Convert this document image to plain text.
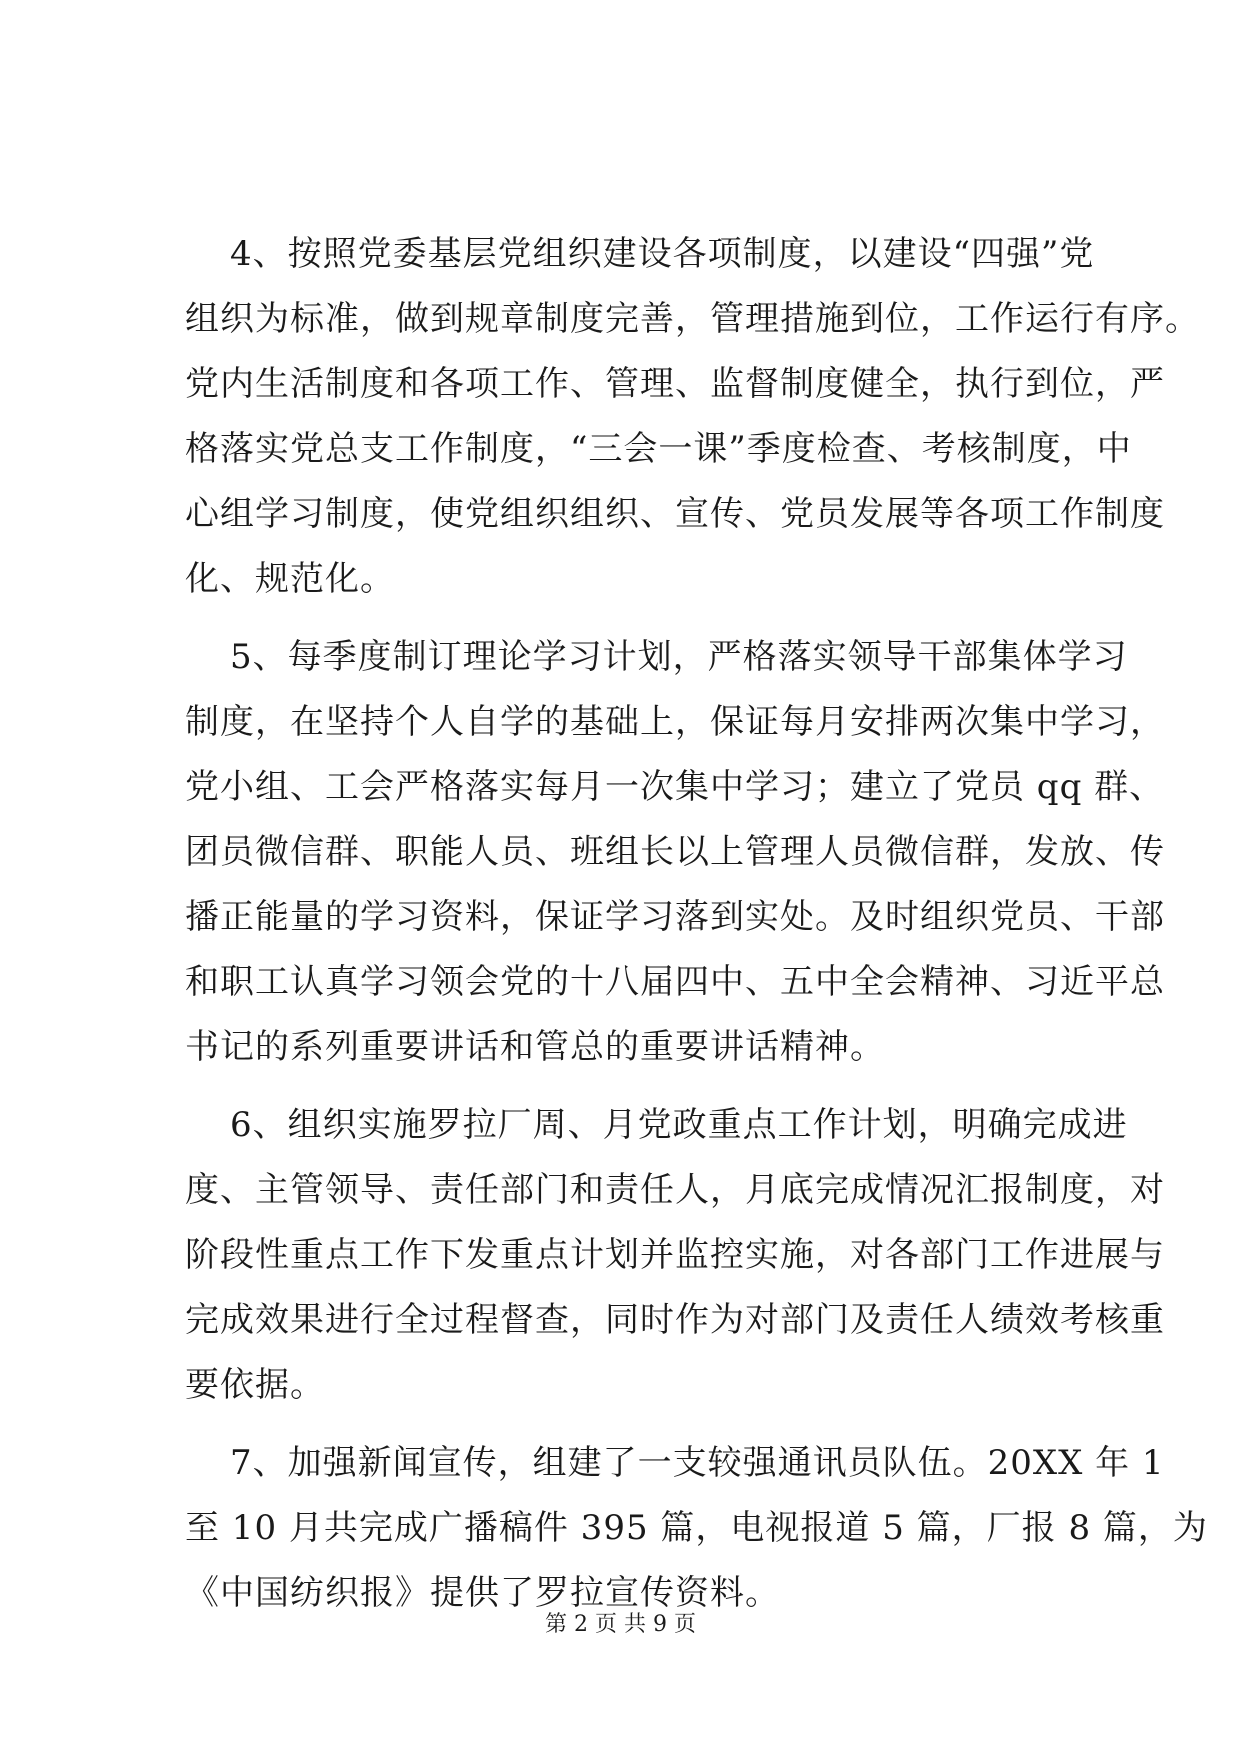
4、按照党委基层党组织建设各项制度，以建设“四强”党
组织为标准，做到规章制度完善，管理措施到位，工作运行有序。
党内生活制度和各项工作、管理、监督制度健全，执行到位，严
格落实党总支工作制度，“三会一课”季度检查、考核制度，中
心组学习制度，使党组织组织、宣传、党员发展等各项工作制度
化、规范化。
5、每季度制订理论学习计划，严格落实领导干部集体学习
制度，在坚持个人自学的基础上，保证每月安排两次集中学习，
党小组、工会严格落实每月一次集中学习；建立了党员 qq 群、
团员微信群、职能人员、班组长以上管理人员微信群，发放、传
播正能量的学习资料，保证学习落到实处。及时组织党员、干部
和职工认真学习领会党的十八届四中、五中全会精神、习近平总
书记的系列重要讲话和管总的重要讲话精神。
6、组织实施罗拉厂周、月党政重点工作计划，明确完成进
度、主管领导、责任部门和责任人，月底完成情况汇报制度，对
阶段性重点工作下发重点计划并监控实施，对各部门工作进展与
完成效果进行全过程督查，同时作为对部门及责任人绩效考核重
要依据。
7、加强新闻宣传，组建了一支较强通讯员队伍。20XX 年 1
至 10 月共完成广播稿件 395 篇，电视报道 5 篇，厂报 8 篇，为
《中国纺织报》提供了罗拉宣传资料。
第 2 页 共 9 页
